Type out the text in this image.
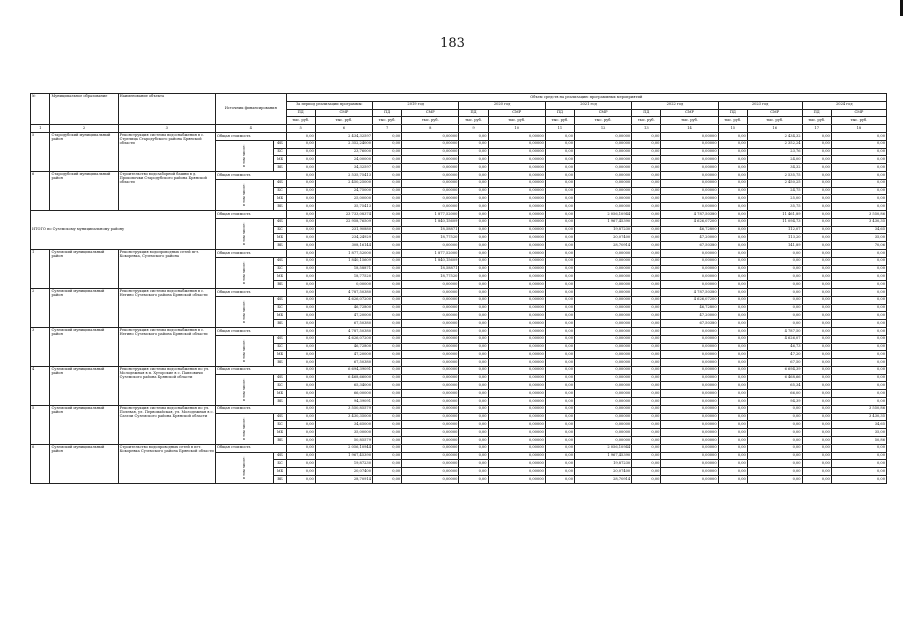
183
№	Муниципальное образование	Наименование объекта	Источник финансирования		Объем средств на реализацию программных мероприятий													
					За период реализации программы:		2019 год		2020 год		2021 год		2022 год		2023 год		2024 год	
					ПД	СМР	ПД	СМР	ПД	СМР	ПД	СМР	ПД	СМР	ПД	СМР	ПД	СМР
					тыс. руб.	тыс. руб.	тыс. руб.	тыс. руб.	тыс. руб.	тыс. руб.	тыс. руб.	тыс. руб.	тыс. руб.	тыс. руб.	тыс. руб.	тыс. руб.	тыс. руб.	тыс. руб.
1	2	3	4		5	6	7	8	9	10	11	12	13	14	15	16	17	18
5	Стародубский муниципальный район	Реконструкция системы водоснабжения в с. Стрелица Стародубского района Брянской области	Общая стоимость		0,00	2 434,32597	0,00	0,00000	0,00	0,00000	0,00	0,00000	0,00	0,00000	0,00	2 434,32	0,00	0,00

			в том числе:	ФБ	0,00	2 352,24000	0,00	0,00000	0,00	0,00000	0,00	0,00000	0,00	0,00000	0,00	2 352,24	0,00	0,00
				БС	0,00	23,76000	0,00	0,00000	0,00	0,00000	0,00	0,00000	0,00	0,00000	0,00	23,76	0,00	0,00
				МБ	0,00	24,00000	0,00	0,00000	0,00	0,00000	0,00	0,00000	0,00	0,00000	0,00	24,00	0,00	0,00
				ВБ	0,00	34,32597	0,00	0,00000	0,00	0,00000	0,00	0,00000	0,00	0,00000	0,00	34,32	0,00	0,00
6	Стародубский муниципальный район	Строительство водозаборной башни в д. Прокопочки Стародубского района Брянской области	Общая стоимость		0,00	2 535,75413	0,00	0,00000	0,00	0,00000	0,00	0,00000	0,00	0,00000	0,00	2 535,75	0,00	0,00

			в том числе:	ФБ	0,00	2 450,25000	0,00	0,00000	0,00	0,00000	0,00	0,00000	0,00	0,00000	0,00	2 450,25	0,00	0,00
				БС	0,00	24,75000	0,00	0,00000	0,00	0,00000	0,00	0,00000	0,00	0,00000	0,00	24,75	0,00	0,00
				МБ	0,00	25,00000	0,00	0,00000	0,00	0,00000	0,00	0,00000	0,00	0,00000	0,00	25,00	0,00	0,00
				ВБ	0,00	35,75413	0,00	0,00000	0,00	0,00000	0,00	0,00000	0,00	0,00000	0,00	35,75	0,00	0,00
ИТОГО по Суземскому муниципальному району			Общая стоимость		0,00	23 733,08374	0,00	1 877,52000	0,00	0,00000	0,00	2 056,10944	0,00	4 787,50380	0,00	11 461,89	0,00	3 550,86

			в том числе:	ФБ	0,00	22 958,76509	0,00	1 840,15609	0,00	0,00000	0,00	1 967,45390	0,00	4 626,07200	0,00	11 094,73	0,00	3 430,35
				БС	0,00	231,90880	0,00	18,58871	0,00	0,00000	0,00	19,87230	0,00	46,72800	0,00	112,07	0,00	34,65
				МБ	0,00	234,24929	0,00	18,77520	0,00	0,00000	0,00	20,07400	0,00	47,20000	0,00	113,20	0,00	35,00
				ВБ	0,00	308,16144	0,00	0,00000	0,00	0,00000	0,00	28,70914	0,00	67,50380	0,00	141,89	0,00	70,06
1	Суземский муниципальный район	Реконструкция водопроводных сетей пгт. Кокоревка, Суземского района	Общая стоимость		0,00	1 877,52000	0,00	1 877,52000	0,00	0,00000	0,00	0,00000	0,00	0,00000	0,00	0,00	0,00	0,00

			в том числе:	ФБ	0,00	1 840,15609	0,00	1 840,15609	0,00	0,00000	0,00	0,00000	0,00	0,00000	0,00	0,00	0,00	0,00
				БС	0,00	18,58871	0,00	18,58871	0,00	0,00000	0,00	0,00000	0,00	0,00000	0,00	0,00	0,00	0,00
				МБ	0,00	18,77520	0,00	18,77520	0,00	0,00000	0,00	0,00000	0,00	0,00000	0,00	0,00	0,00	0,00
				ВБ	0,00	0,00000	0,00	0,00000	0,00	0,00000	0,00	0,00000	0,00	0,00000	0,00	0,00	0,00	0,00
2	Суземский муниципальный район	Реконструкция системы водоснабжения в с. Негино Суземского района Брянской области	Общая стоимость		0,00	4 787,50380	0,00	0,00000	0,00	0,00000	0,00	0,00000	0,00	4 787,50380	0,00	0,00	0,00	0,00

			в том числе:	ФБ	0,00	4 626,07200	0,00	0,00000	0,00	0,00000	0,00	0,00000	0,00	4 626,07200	0,00	0,00	0,00	0,00
				БС	0,00	46,72800	0,00	0,00000	0,00	0,00000	0,00	0,00000	0,00	46,72800	0,00	0,00	0,00	0,00
				МБ	0,00	47,20000	0,00	0,00000	0,00	0,00000	0,00	0,00000	0,00	47,20000	0,00	0,00	0,00	0,00
				ВБ	0,00	67,50380	0,00	0,00000	0,00	0,00000	0,00	0,00000	0,00	67,50380	0,00	0,00	0,00	0,00
3	Суземский муниципальный район	Реконструкция системы водоснабжения в с. Негино Суземского района Брянской области	Общая стоимость		0,00	4 787,50380	0,00	0,00000	0,00	0,00000	0,00	0,00000	0,00	0,00000	0,00	4 787,50	0,00	0,00

			в том числе:	ФБ	0,00	4 626,07200	0,00	0,00000	0,00	0,00000	0,00	0,00000	0,00	0,00000	0,00	4 626,07	0,00	0,00
				БС	0,00	46,72800	0,00	0,00000	0,00	0,00000	0,00	0,00000	0,00	0,00000	0,00	46,73	0,00	0,00
				МБ	0,00	47,20000	0,00	0,00000	0,00	0,00000	0,00	0,00000	0,00	0,00000	0,00	47,20	0,00	0,00
				ВБ	0,00	67,50380	0,00	0,00000	0,00	0,00000	0,00	0,00000	0,00	0,00000	0,00	67,50	0,00	0,00
4	Суземский муниципальный район	Реконструкция системы водоснабжения по ул. Молодежная в п. Хуторские в с. Павловичи Суземского района Брянской области	Общая стоимость		0,00	6 694,39091	0,00	0,00000	0,00	0,00000	0,00	0,00000	0,00	0,00000	0,00	6 694,39	0,00	0,00

			в том числе:	ФБ	0,00	6 468,66000	0,00	0,00000	0,00	0,00000	0,00	0,00000	0,00	0,00000	0,00	6 468,66	0,00	0,00
				БС	0,00	65,34000	0,00	0,00000	0,00	0,00000	0,00	0,00000	0,00	0,00000	0,00	65,34	0,00	0,00
				МБ	0,00	66,00000	0,00	0,00000	0,00	0,00000	0,00	0,00000	0,00	0,00000	0,00	66,00	0,00	0,00
				ВБ	0,00	94,39091	0,00	0,00000	0,00	0,00000	0,00	0,00000	0,00	0,00000	0,00	94,39	0,00	0,00
5	Суземский муниципальный район	Реконструкция системы водоснабжения по ул. Полевая, ул. Первомайская, ул. Молодежная в с. Сагачи Суземского района Брянской области	Общая стоимость		0,00	3 550,85579	0,00	0,00000	0,00	0,00000	0,00	0,00000	0,00	0,00000	0,00	0,00	0,00	3 550,86

			в том числе:	ФБ	0,00	3 430,35000	0,00	0,00000	0,00	0,00000	0,00	0,00000	0,00	0,00000	0,00	0,00	0,00	3 430,35
				БС	0,00	34,65000	0,00	0,00000	0,00	0,00000	0,00	0,00000	0,00	0,00000	0,00	0,00	0,00	34,65
				МБ	0,00	35,00000	0,00	0,00000	0,00	0,00000	0,00	0,00000	0,00	0,00000	0,00	0,00	0,00	35,00
				ВБ	0,00	50,85579	0,00	0,00000	0,00	0,00000	0,00	0,00000	0,00	0,00000	0,00	0,00	0,00	50,86
6	Суземский муниципальный район	Строительство водопроводных сетей в пгт. Кокоревка Суземского района Брянской области	Общая стоимость		0,00	2 056,10944	0,00	0,00000	0,00	0,00000	0,00	2 056,10944	0,00	0,00000	0,00	0,00	0,00	0,00

			в том числе:	ФБ	0,00	1 967,45390	0,00	0,00000	0,00	0,00000	0,00	1 967,45390	0,00	0,00000	0,00	0,00	0,00	0,00
				БС	0,00	19,87230	0,00	0,00000	0,00	0,00000	0,00	19,87230	0,00	0,00000	0,00	0,00	0,00	0,00
				МБ	0,00	20,07400	0,00	0,00000	0,00	0,00000	0,00	20,07400	0,00	0,00000	0,00	0,00	0,00	0,00
				ВБ	0,00	28,70914	0,00	0,00000	0,00	0,00000	0,00	28,70914	0,00	0,00000	0,00	0,00	0,00	0,00
